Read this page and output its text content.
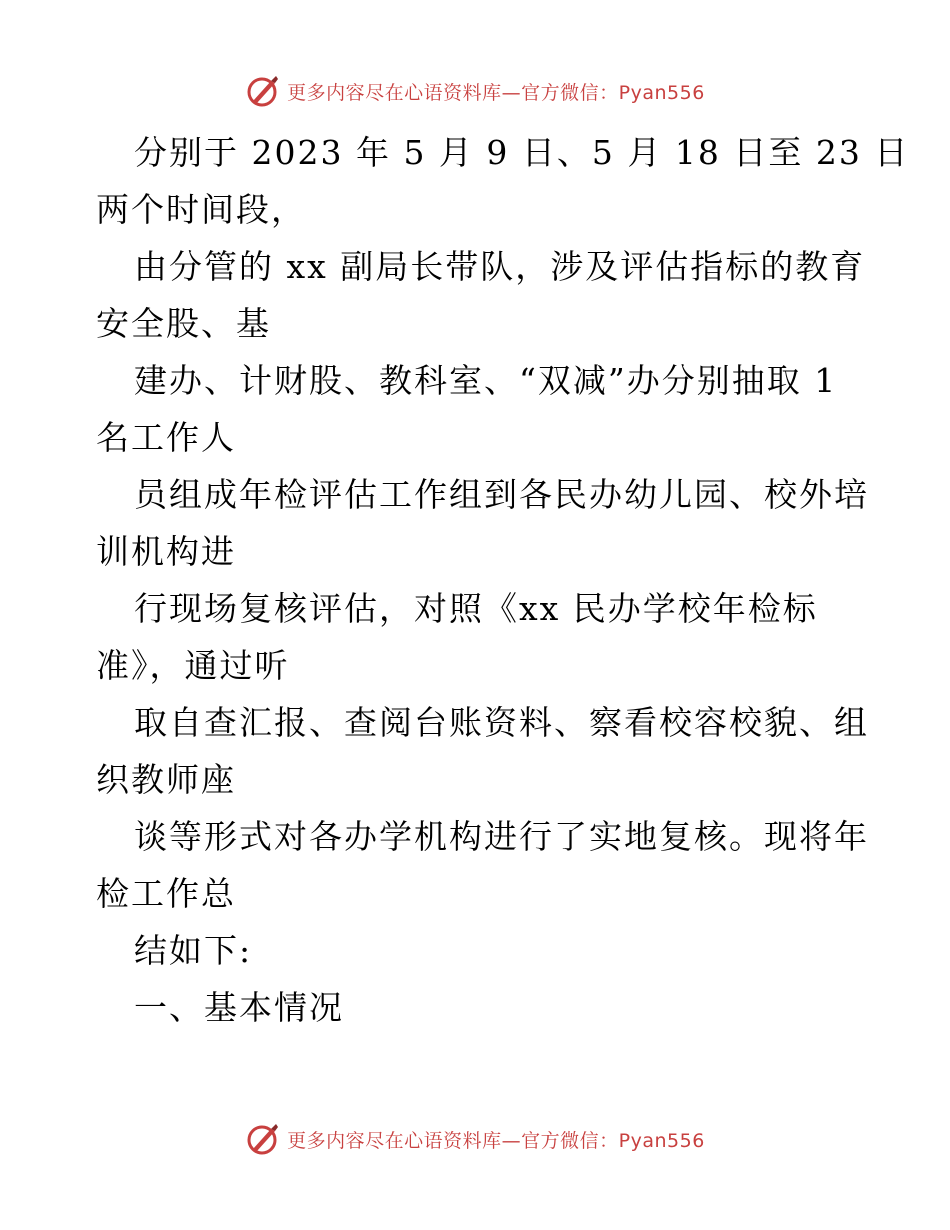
更多内容尽在心语资料库—官方微信：Pyan556
分别于 2023 年 5 月 9 日、5 月 18 日至 23 日
两个时间段，
由分管的 xx 副局长带队，涉及评估指标的教育
安全股、基
建办、计财股、教科室、“双减”办分别抽取 1
名工作人
员组成年检评估工作组到各民办幼儿园、校外培
训机构进
行现场复核评估，对照《xx 民办学校年检标
准》，通过听
取自查汇报、查阅台账资料、察看校容校貌、组
织教师座
谈等形式对各办学机构进行了实地复核。现将年
检工作总
结如下:
一、基本情况
更多内容尽在心语资料库—官方微信：Pyan556
